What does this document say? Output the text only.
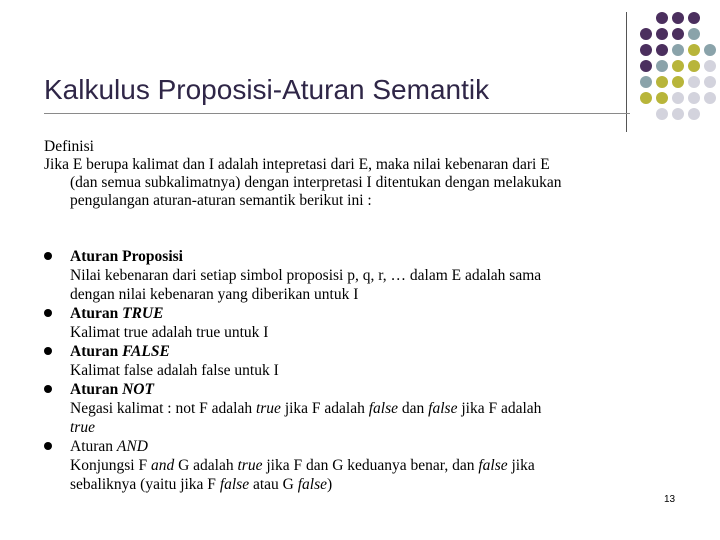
Kalkulus Proposisi-Aturan Semantik
Definisi
Jika E berupa kalimat dan I adalah intepretasi dari E, maka nilai kebenaran dari E
(dan semua subkalimatnya) dengan interpretasi I ditentukan dengan melakukan
pengulangan aturan-aturan semantik berikut ini :
Aturan Proposisi
Nilai kebenaran dari setiap simbol proposisi p, q, r, … dalam E adalah sama
dengan nilai kebenaran yang diberikan untuk I
Aturan TRUE
Kalimat true adalah true untuk I
Aturan FALSE
Kalimat false adalah false untuk I
Aturan NOT
Negasi kalimat : not F adalah true jika F adalah false dan false jika F adalah
true
Aturan AND
Konjungsi F and G adalah true jika F dan G keduanya benar, dan false jika
sebaliknya (yaitu jika F false atau G false)
13
